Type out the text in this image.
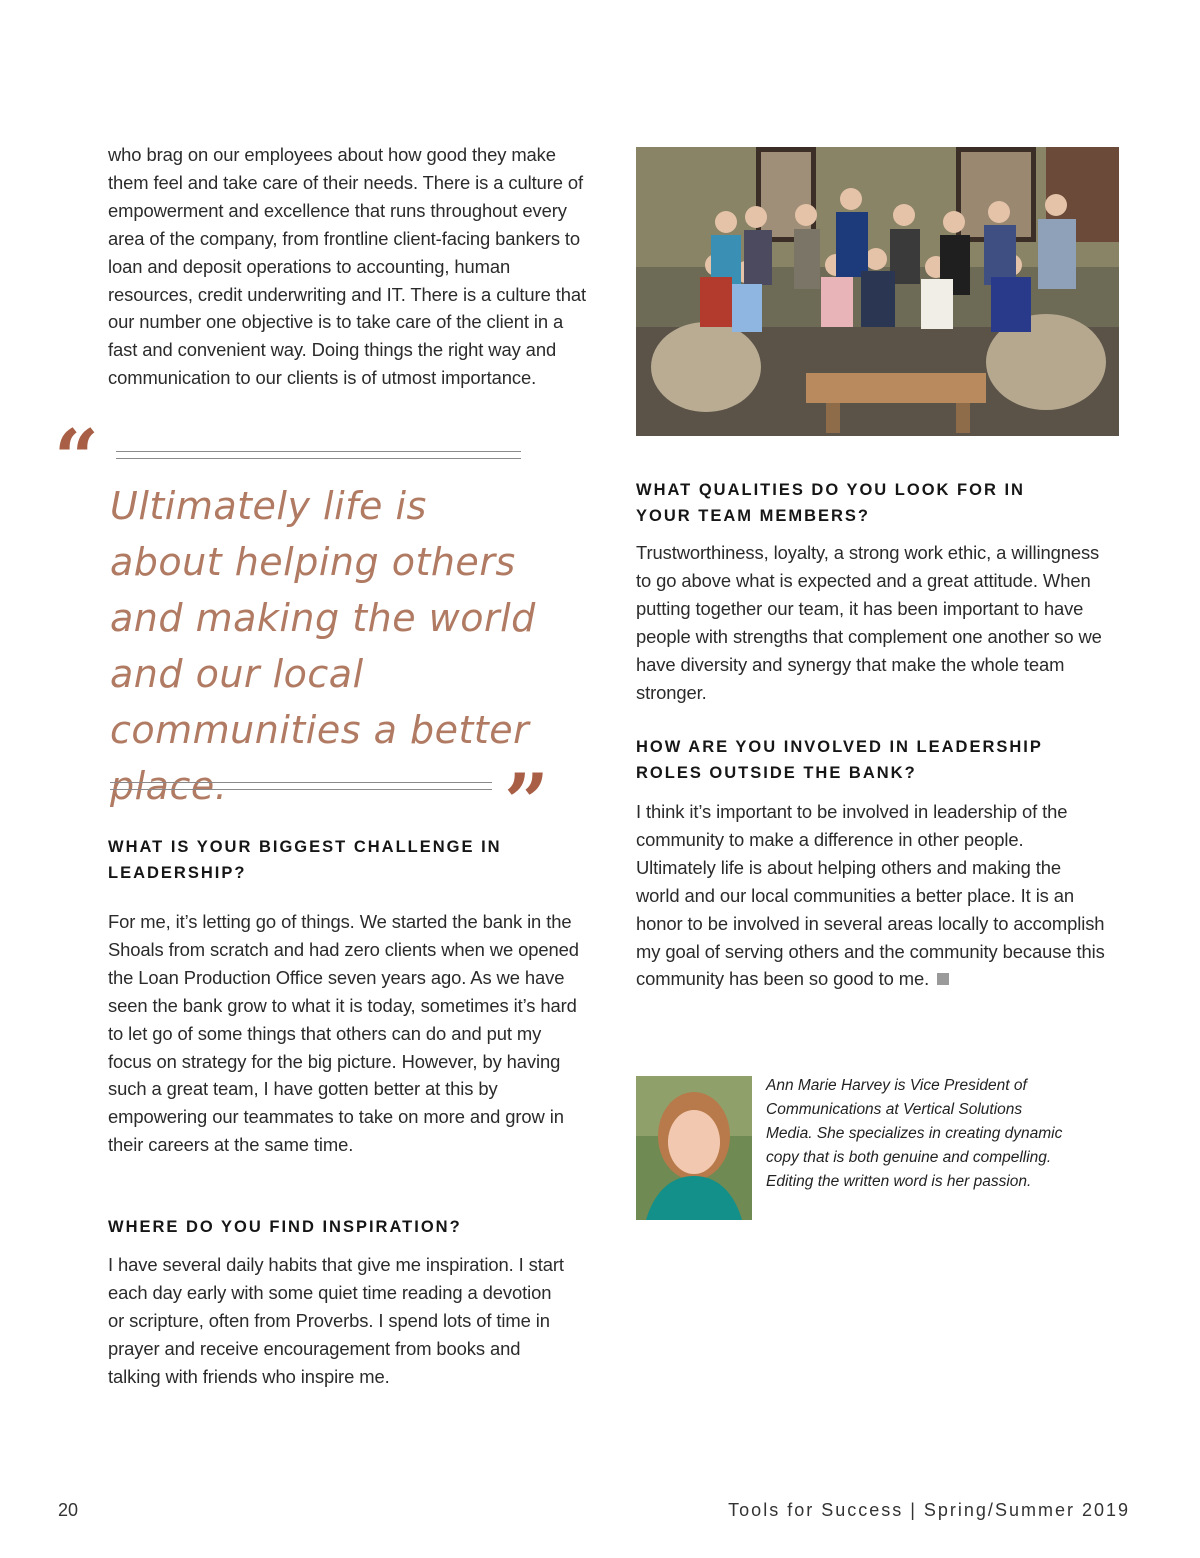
who brag on our employees about how good they make them feel and take care of their needs. There is a culture of empowerment and excellence that runs throughout every area of the company, from frontline client-facing bankers to loan and deposit operations to accounting, human resources, credit underwriting and IT. There is a culture that our number one objective is to take care of the client in a fast and convenient way. Doing things the right way and communication to our clients is of utmost importance.

“

Ultimately life is about helping others and making the world and our local communities a better place.	”
WHAT IS YOUR BIGGEST CHALLENGE IN LEADERSHIP?

For me, it’s letting go of things. We started the bank in the Shoals from scratch and had zero clients when we opened the Loan Production Office seven years ago. As we have seen the bank grow to what it is today, sometimes it’s hard to let go of some things that others can do and put my focus on strategy for the big picture. However, by having such a great team, I have gotten better at this by empowering our teammates to take on more and grow in their careers at the same time.

WHERE DO YOU FIND INSPIRATION?

I have several daily habits that give me inspiration. I start each day early with some quiet time reading a devotion or scripture, often from Proverbs. I spend lots of time in prayer and receive encouragement from books and talking with friends who inspire me.

WHAT QUALITIES DO YOU LOOK FOR IN YOUR TEAM MEMBERS?

Trustworthiness, loyalty, a strong work ethic, a willingness to go above what is expected and a great attitude. When putting together our team, it has been important to have people with strengths that complement one another so we have diversity and synergy that make the whole team stronger.

HOW ARE YOU INVOLVED IN LEADERSHIP ROLES OUTSIDE THE BANK?

I think it’s important to be involved in leadership of the community to make a difference in other people. Ultimately life is about helping others and making the world and our local communities a better place. It is an honor to be involved in several areas locally to accomplish my goal of serving others and the community because this community has been so good to me.

Ann Marie Harvey is Vice President of Communications at Vertical Solutions Media. She specializes in creating dynamic copy that is both genuine and compelling. Editing the written word is her passion.

20	Tools for Success | Spring/Summer 2019
